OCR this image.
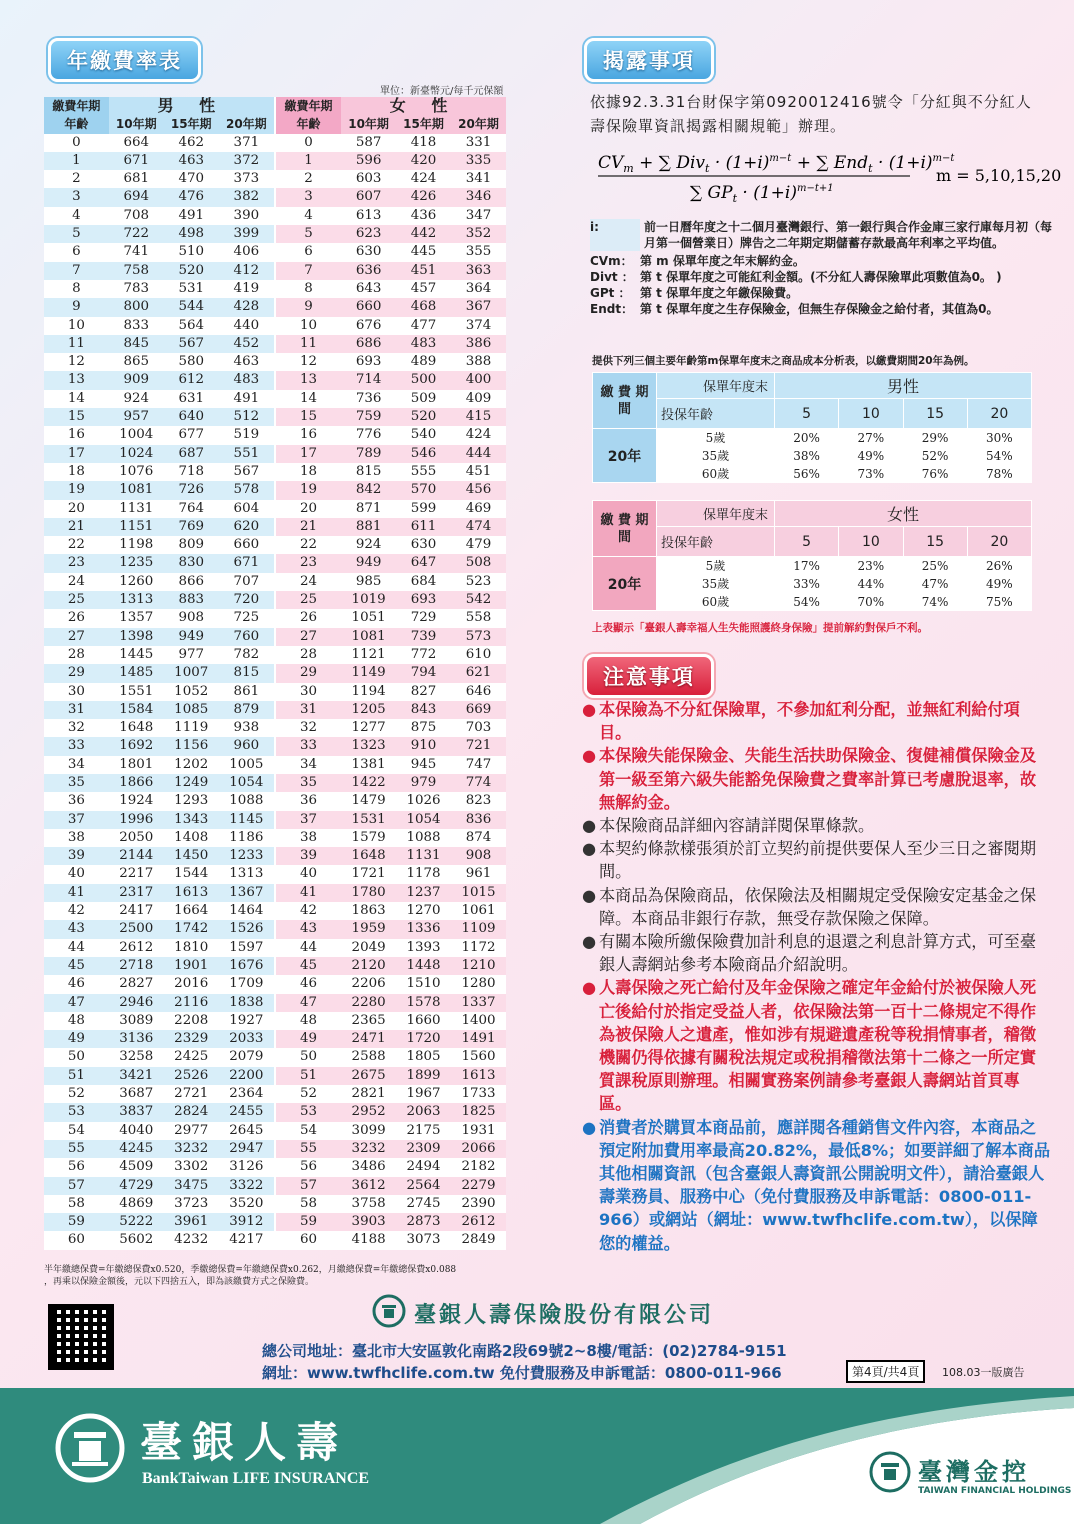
年繳費率表
單位：新臺幣元/每千元保額
繳費年期	男 性			繳費年期	女 性		
年齡	10年期	15年期	20年期	年齡	10年期	15年期	20年期
0	664	462	371	0	587	418	331
1	671	463	372	1	596	420	335
2	681	470	373	2	603	424	341
3	694	476	382	3	607	426	346
4	708	491	390	4	613	436	347
5	722	498	399	5	623	442	352
6	741	510	406	6	630	445	355
7	758	520	412	7	636	451	363
8	783	531	419	8	643	457	364
9	800	544	428	9	660	468	367
10	833	564	440	10	676	477	374
11	845	567	452	11	686	483	386
12	865	580	463	12	693	489	388
13	909	612	483	13	714	500	400
14	924	631	491	14	736	509	409
15	957	640	512	15	759	520	415
16	1004	677	519	16	776	540	424
17	1024	687	551	17	789	546	444
18	1076	718	567	18	815	555	451
19	1081	726	578	19	842	570	456
20	1131	764	604	20	871	599	469
21	1151	769	620	21	881	611	474
22	1198	809	660	22	924	630	479
23	1235	830	671	23	949	647	508
24	1260	866	707	24	985	684	523
25	1313	883	720	25	1019	693	542
26	1357	908	725	26	1051	729	558
27	1398	949	760	27	1081	739	573
28	1445	977	782	28	1121	772	610
29	1485	1007	815	29	1149	794	621
30	1551	1052	861	30	1194	827	646
31	1584	1085	879	31	1205	843	669
32	1648	1119	938	32	1277	875	703
33	1692	1156	960	33	1323	910	721
34	1801	1202	1005	34	1381	945	747
35	1866	1249	1054	35	1422	979	774
36	1924	1293	1088	36	1479	1026	823
37	1996	1343	1145	37	1531	1054	836
38	2050	1408	1186	38	1579	1088	874
39	2144	1450	1233	39	1648	1131	908
40	2217	1544	1313	40	1721	1178	961
41	2317	1613	1367	41	1780	1237	1015
42	2417	1664	1464	42	1863	1270	1061
43	2500	1742	1526	43	1959	1336	1109
44	2612	1810	1597	44	2049	1393	1172
45	2718	1901	1676	45	2120	1448	1210
46	2827	2016	1709	46	2206	1510	1280
47	2946	2116	1838	47	2280	1578	1337
48	3089	2208	1927	48	2365	1660	1400
49	3136	2329	2033	49	2471	1720	1491
50	3258	2425	2079	50	2588	1805	1560
51	3421	2526	2200	51	2675	1899	1613
52	3687	2721	2364	52	2821	1967	1733
53	3837	2824	2455	53	2952	2063	1825
54	4040	2977	2645	54	3099	2175	1931
55	4245	3232	2947	55	3232	2309	2066
56	4509	3302	3126	56	3486	2494	2182
57	4729	3475	3322	57	3612	2564	2279
58	4869	3723	3520	58	3758	2745	2390
59	5222	3961	3912	59	3903	2873	2612
60	5602	4232	4217	60	4188	3073	2849
半年繳總保費=年繳總保費x0.520，季繳總保費=年繳總保費x0.262，月繳總保費=年繳總保費x0.088
，再乘以保險金額後，元以下四捨五入，即為該繳費方式之保險費。
揭露事項
依據92.3.31台財保字第0920012416號令「分紅與不分紅人壽保險單資訊揭露相關規範」辦理。
$CV_m$ + ∑ $Div_t \cdot (1+i)^{m-t}$ + ∑ $End_t \cdot (1+i)^{m-t}$
∑ $GP_t \cdot (1+i)^{m-t+1}$
m = 5,10,15,20
i:	前一日曆年度之十二個月臺灣銀行、第一銀行與合作金庫三家行庫每月初（每月第一個營業日）牌告之二年期定期儲蓄存款最高年利率之平均值。
CVm： 第 m 保單年度之年末解約金。
Divt ： 第 t 保單年度之可能紅利金額。(不分紅人壽保險單此項數值為0。 )
GPt ： 第 t 保單年度之年繳保險費。
Endt： 第 t 保單年度之生存保險金，但無生存保險金之給付者，其值為0。
提供下列三個主要年齡第m保單年度末之商品成本分析表，以繳費期間20年為例。
繳 費 期 間	保單年度末	男性			
	投保年齡	5	10	15	20
20年	5歲	20%	27%	29%	30%
	35歲	38%	49%	52%	54%
	60歲	56%	73%	76%	78%
繳 費 期 間	保單年度末	女性			
	投保年齡	5	10	15	20
20年	5歲	17%	23%	25%	26%
	35歲	33%	44%	47%	49%
	60歲	54%	70%	74%	75%
上表顯示「臺銀人壽幸福人生失能照護終身保險」提前解約對保戶不利。
注意事項
● 本保險為不分紅保險單，不參加紅利分配，並無紅利給付項目。
● 本保險失能保險金、失能生活扶助保險金、復健補償保險金及第一級至第六級失能豁免保險費之費率計算已考慮脫退率，故無解約金。
● 本保險商品詳細內容請詳閱保單條款。
● 本契約條款樣張須於訂立契約前提供要保人至少三日之審閱期間。
● 本商品為保險商品，依保險法及相關規定受保險安定基金之保障。本商品非銀行存款，無受存款保險之保障。
● 有關本險所繳保險費加計利息的退還之利息計算方式，可至臺銀人壽網站參考本險商品介紹說明。
● 人壽保險之死亡給付及年金保險之確定年金給付於被保險人死亡後給付於指定受益人者，依保險法第一百十二條規定不得作為被保險人之遺產，惟如涉有規避遺產稅等稅捐情事者，稽徵機關仍得依據有關稅法規定或稅捐稽徵法第十二條之一所定實質課稅原則辦理。相關實務案例請參考臺銀人壽網站首頁專區。
● 消費者於購買本商品前，應詳閱各種銷售文件內容，本商品之預定附加費用率最高20.82%，最低8%；如要詳細了解本商品其他相關資訊（包含臺銀人壽資訊公開說明文件），請洽臺銀人壽業務員、服務中心（免付費服務及申訴電話：0800-011-966）或網站（網址：www.twfhclife.com.tw），以保障您的權益。
臺銀人壽保險股份有限公司
總公司地址：臺北市大安區敦化南路2段69號2~8樓/電話：(02)2784-9151
網址：www.twfhclife.com.tw 免付費服務及申訴電話：0800-011-966	第4頁/共4頁	108.03一版廣告
臺銀人壽
BankTaiwan LIFE INSURANCE	臺灣金控
TAIWAN FINANCIAL HOLDINGS
